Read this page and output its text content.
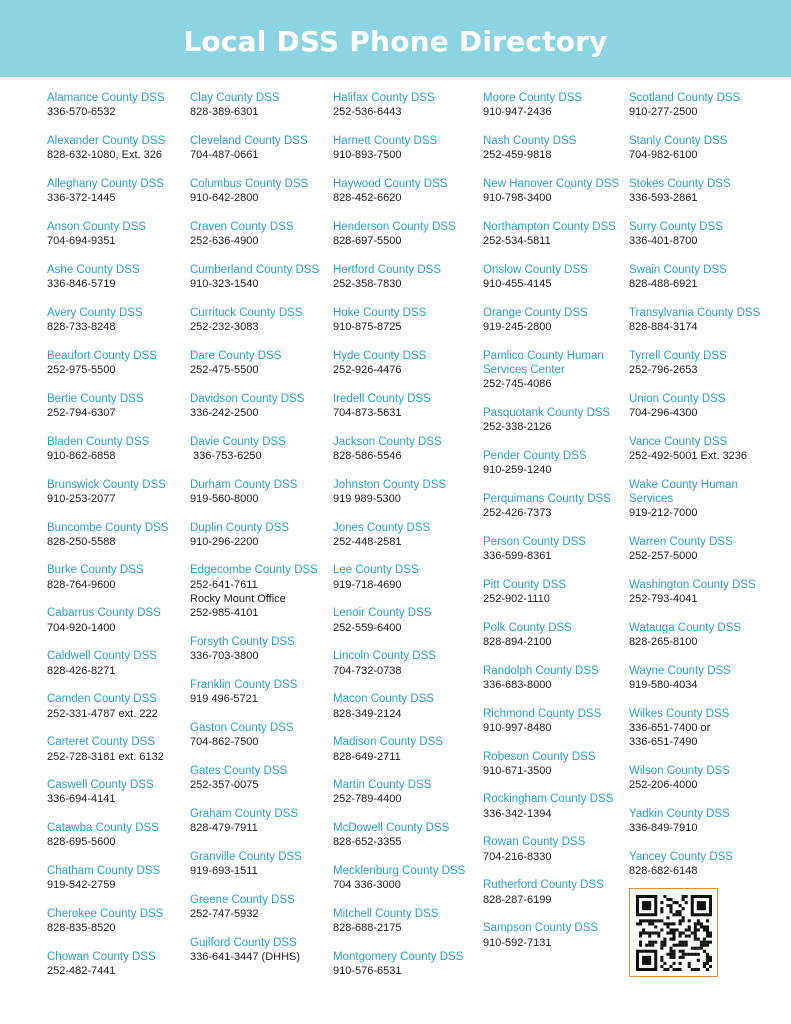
Local DSS Phone Directory
Alamance County DSS
336-570-6532
Alexander County DSS
828-632-1080, Ext. 326
Alleghany County DSS
336-372-1445
Anson County DSS
704-694-9351
Ashe County DSS
336-846-5719
Avery County DSS
828-733-8248
Beaufort County DSS
252-975-5500
Bertie County DSS
252-794-6307
Bladen County DSS
910-862-6858
Brunswick County DSS
910-253-2077
Buncombe County DSS
828-250-5588
Burke County DSS
828-764-9600
Cabarrus County DSS
704-920-1400
Caldwell County DSS
828-426-8271
Camden County DSS
252-331-4787 ext. 222
Carteret County DSS
252-728-3181 ext. 6132
Caswell County DSS
336-694-4141
Catawba County DSS
828-695-5600
Chatham County DSS
919-542-2759
Cherokee County DSS
828-835-8520
Chowan County DSS
252-482-7441
Clay County DSS
828-389-6301
Cleveland County DSS
704-487-0661
Columbus County DSS
910-642-2800
Craven County DSS
252-636-4900
Cumberland County DSS
910-323-1540
Currituck County DSS
252-232-3083
Dare County DSS
252-475-5500
Davidson County DSS
336-242-2500
Davie County DSS
336-753-6250
Durham County DSS
919-560-8000
Duplin County DSS
910-296-2200
Edgecombe County DSS
252-641-7611
Rocky Mount Office
252-985-4101
Forsyth County DSS
336-703-3800
Franklin County DSS
919 496-5721
Gaston County DSS
704-862-7500
Gates County DSS
252-357-0075
Graham County DSS
828-479-7911
Granville County DSS
919-693-1511
Greene County DSS
252-747-5932
Guilford County DSS
336-641-3447 (DHHS)
Halifax County DSS
252-536-6443
Harnett County DSS
910-893-7500
Haywood County DSS
828-452-6620
Henderson County DSS
828-697-5500
Hertford County DSS
252-358-7830
Hoke County DSS
910-875-8725
Hyde County DSS
252-926-4476
Iredell County DSS
704-873-5631
Jackson County DSS
828-586-5546
Johnston County DSS
919 989-5300
Jones County DSS
252-448-2581
Lee County DSS
919-718-4690
Lenoir County DSS
252-559-6400
Lincoln County DSS
704-732-0738
Macon County DSS
828-349-2124
Madison County DSS
828-649-2711
Martin County DSS
252-789-4400
McDowell County DSS
828-652-3355
Mecklenburg County DSS
704 336-3000
Mitchell County DSS
828-688-2175
Montgomery County DSS
910-576-6531
Moore County DSS
910-947-2436
Nash County DSS
252-459-9818
New Hanover County DSS
910-798-3400
Northampton County DSS
252-534-5811
Onslow County DSS
910-455-4145
Orange County DSS
919-245-2800
Pamlico County Human Services Center
252-745-4086
Pasquotank County DSS
252-338-2126
Pender County DSS
910-259-1240
Perquimans County DSS
252-426-7373
Person County DSS
336-599-8361
Pitt County DSS
252-902-1110
Polk County DSS
828-894-2100
Randolph County DSS
336-683-8000
Richmond County DSS
910-997-8480
Robeson County DSS
910-671-3500
Rockingham County DSS
336-342-1394
Rowan County DSS
704-216-8330
Rutherford County DSS
828-287-6199
Sampson County DSS
910-592-7131
Scotland County DSS
910-277-2500
Stanly County DSS
704-982-6100
Stokes County DSS
336-593-2861
Surry County DSS
336-401-8700
Swain County DSS
828-488-6921
Transylvania County DSS
828-884-3174
Tyrrell County DSS
252-796-2653
Union County DSS
704-296-4300
Vance County DSS
252-492-5001 Ext. 3236
Wake County Human Services
919-212-7000
Warren County DSS
252-257-5000
Washington County DSS
252-793-4041
Watauga County DSS
828-265-8100
Wayne County DSS
919-580-4034
Wilkes County DSS
336-651-7400 or
336-651-7490
Wilson County DSS
252-206-4000
Yadkin County DSS
336-849-7910
Yancey County DSS
828-682-6148
